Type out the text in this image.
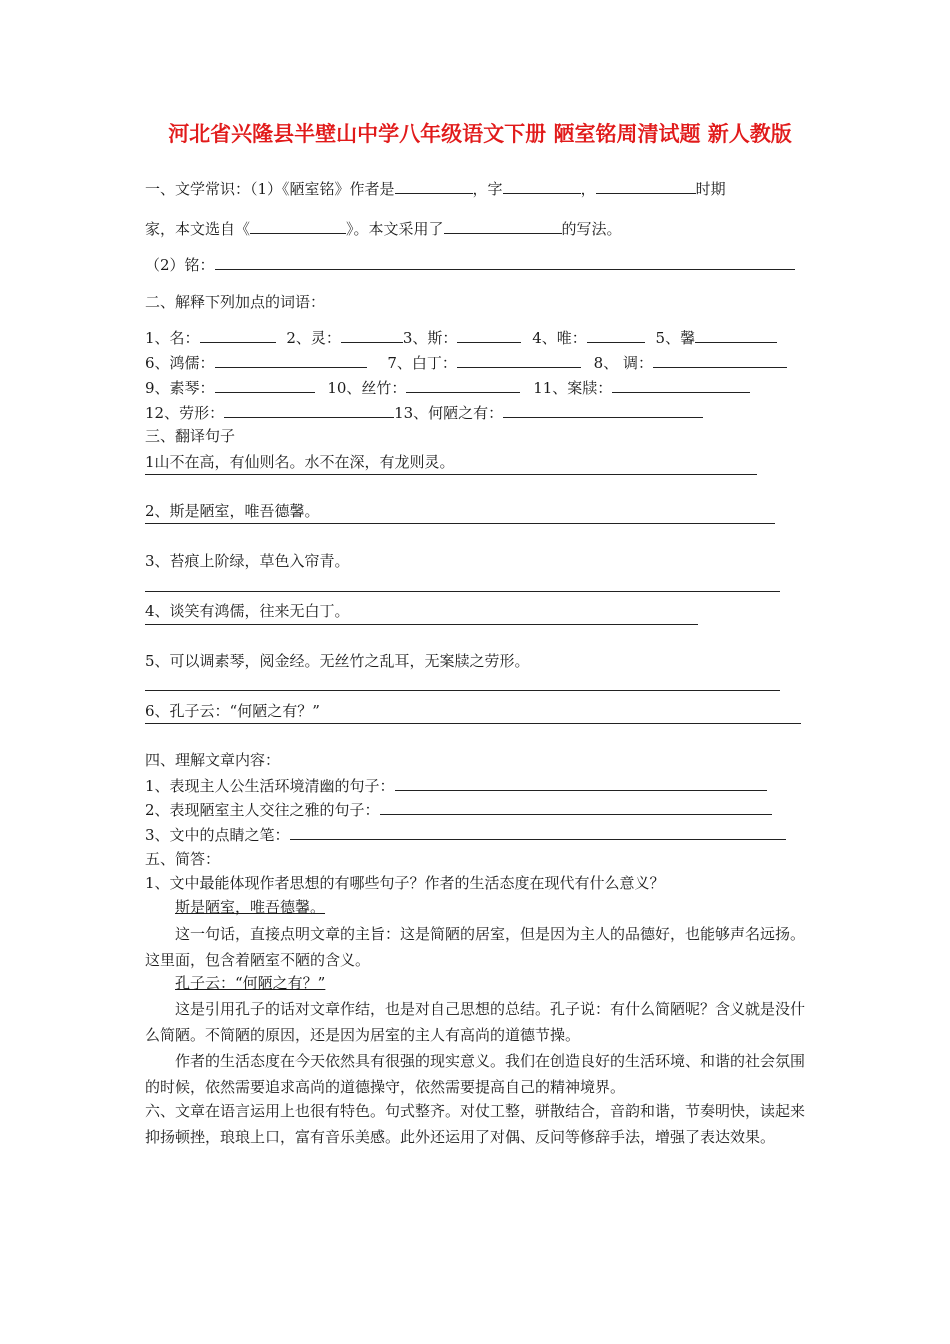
河北省兴隆县半壁山中学八年级语文下册 陋室铭周清试题 新人教版
一、文学常识：（1）《陋室铭》作者是	，字	，	时期
家，本文选自《	》。本文采用了	的写法。
（2）铭：
二、解释下列加点的词语：
1、名：	2、灵：	3、斯：	4、唯：	5、馨
6、鸿儒：	7、白丁：	8、 调：
9、素琴：	10、丝竹：	11、案牍：
12、劳形：	13、何陋之有：
三、翻译句子
1山不在高，有仙则名。水不在深，有龙则灵。
2、斯是陋室，唯吾德馨。
3、苔痕上阶绿，草色入帘青。
4、谈笑有鸿儒，往来无白丁。
5、可以调素琴，阅金经。无丝竹之乱耳，无案牍之劳形。
6、孔子云：“何陋之有？”
四、理解文章内容：
1、表现主人公生活环境清幽的句子：
2、表现陋室主人交往之雅的句子：
3、文中的点睛之笔：
五、简答：
1、文中最能体现作者思想的有哪些句子？作者的生活态度在现代有什么意义？
斯是陋室，唯吾德馨。
这一句话，直接点明文章的主旨：这是简陋的居室，但是因为主人的品德好，也能够声名远扬。这里面，包含着陋室不陋的含义。
孔子云：“何陋之有？”
这是引用孔子的话对文章作结，也是对自己思想的总结。孔子说：有什么简陋呢？含义就是没什么简陋。不简陋的原因，还是因为居室的主人有高尚的道德节操。
作者的生活态度在今天依然具有很强的现实意义。我们在创造良好的生活环境、和谐的社会氛围的时候，依然需要追求高尚的道德操守，依然需要提高自己的精神境界。
六、文章在语言运用上也很有特色。句式整齐。对仗工整，骈散结合，音韵和谐，节奏明快，读起来抑扬顿挫，琅琅上口，富有音乐美感。此外还运用了对偶、反问等修辞手法，增强了表达效果。
